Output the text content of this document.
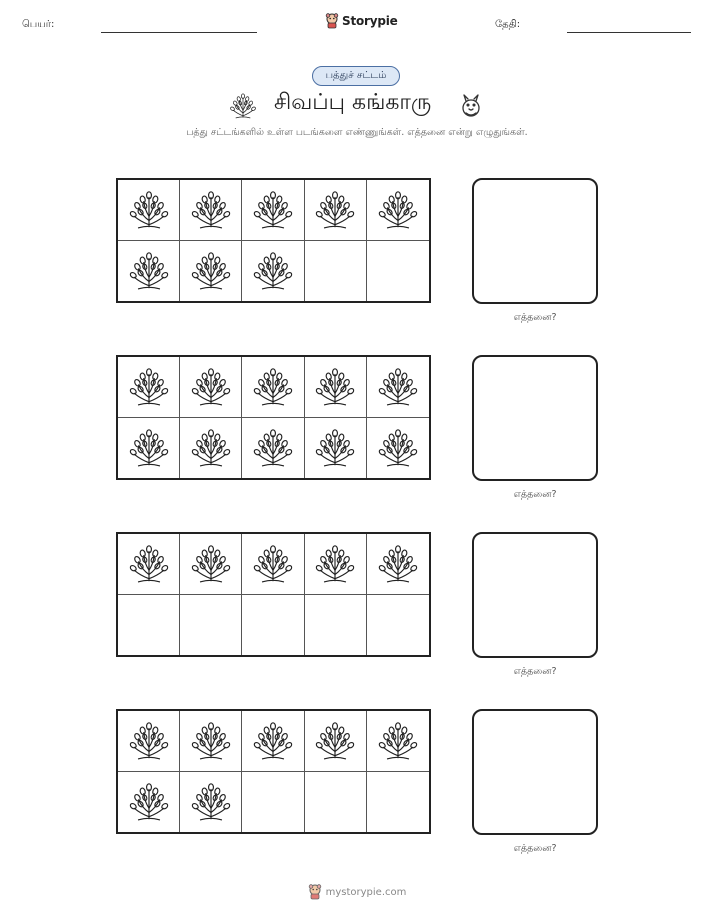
பெயர்:	Storypie	தேதி:
பத்துச் சட்டம்
சிவப்பு கங்காரு
பத்து சட்டங்களில் உள்ள படங்களை எண்ணுங்கள். எத்தனை என்று எழுதுங்கள்.
எத்தனை?
எத்தனை?
எத்தனை?
எத்தனை?
mystorypie.com
